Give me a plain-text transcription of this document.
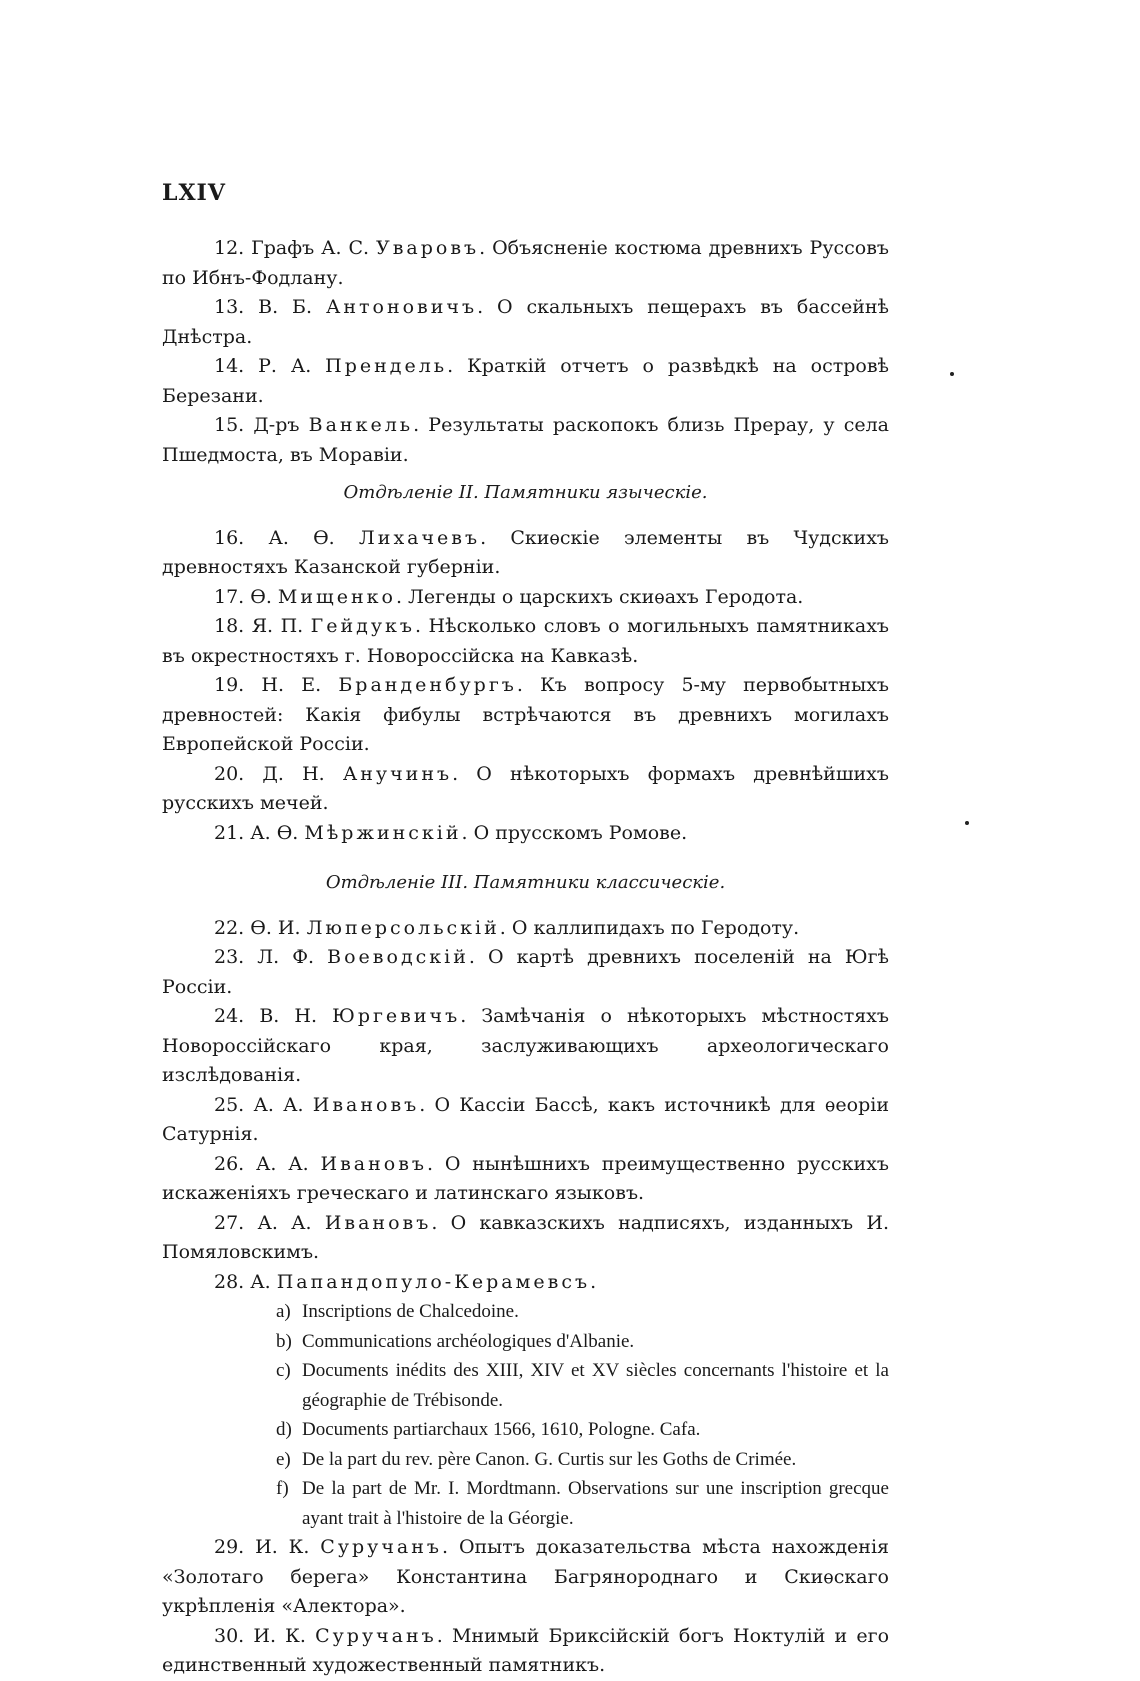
LXIV

12. Графъ А. С. Уваровъ. Объясненіе костюма древнихъ Руссовъ по Ибнъ-Фодлану.

13. В. Б. Антоновичъ. О скальныхъ пещерахъ въ бассейнѣ Днѣстра.

14. Р. А. Прендель. Краткій отчетъ о развѣдкѣ на островѣ Березани.

15. Д-ръ Ванкель. Результаты раскопокъ близь Прерау, у села Пшедмоста, въ Моравіи.

Отдѣленіе II. Памятники языческіе.

16. А. Ѳ. Лихачевъ. Скиѳскіе элементы въ Чудскихъ древностяхъ Казанской губерніи.

17. Ѳ. Мищенко. Легенды о царскихъ скиѳахъ Геродота.

18. Я. П. Гейдукъ. Нѣсколько словъ о могильныхъ памятникахъ въ окрестностяхъ г. Новороссійска на Кавказѣ.

19. Н. Е. Бранденбургъ. Къ вопросу 5-му первобытныхъ древностей: Какія фибулы встрѣчаются въ древнихъ могилахъ Европейской Россіи.

20. Д. Н. Анучинъ. О нѣкоторыхъ формахъ древнѣйшихъ русскихъ мечей.

21. А. Ѳ. Мѣржинскій. О прусскомъ Ромове.

Отдѣленіе III. Памятники классическіе.

22. Ѳ. И. Люперсольскій. О каллипидахъ по Геродоту.

23. Л. Ф. Воеводскій. О картѣ древнихъ поселеній на Югѣ Россіи.

24. В. Н. Юргевичъ. Замѣчанія о нѣкоторыхъ мѣстностяхъ Новороссійскаго края, заслуживающихъ археологическаго изслѣдованія.

25. А. А. Ивановъ. О Кассіи Бассѣ, какъ источникѣ для ѳеоріи Сатурнія.

26. А. А. Ивановъ. О нынѣшнихъ преимущественно русскихъ искаженіяхъ греческаго и латинскаго языковъ.

27. А. А. Ивановъ. О кавказскихъ надписяхъ, изданныхъ И. Помяловскимъ.

28. А. Папандопуло-Керамевсъ.

a) Inscriptions de Chalcedoine.
b) Communications archéologiques d'Albanie.
c) Documents inédits des XIII, XIV et XV siècles concernants l'histoire et la géographie de Trébisonde.
d) Documents partiarchaux 1566, 1610, Pologne. Cafa.
e) De la part du rev. père Canon. G. Curtis sur les Goths de Crimée.
f) De la part de Mr. I. Mordtmann. Observations sur une inscription grecque ayant trait à l'histoire de la Géorgie.

29. И. К. Суручанъ. Опытъ доказательства мѣста нахожденія «Золотаго берега» Константина Багрянороднаго и Скиѳскаго укрѣпленія «Алектора».

30. И. К. Суручанъ. Мнимый Бриксійскій богъ Ноктулій и его единственный художественный памятникъ.
